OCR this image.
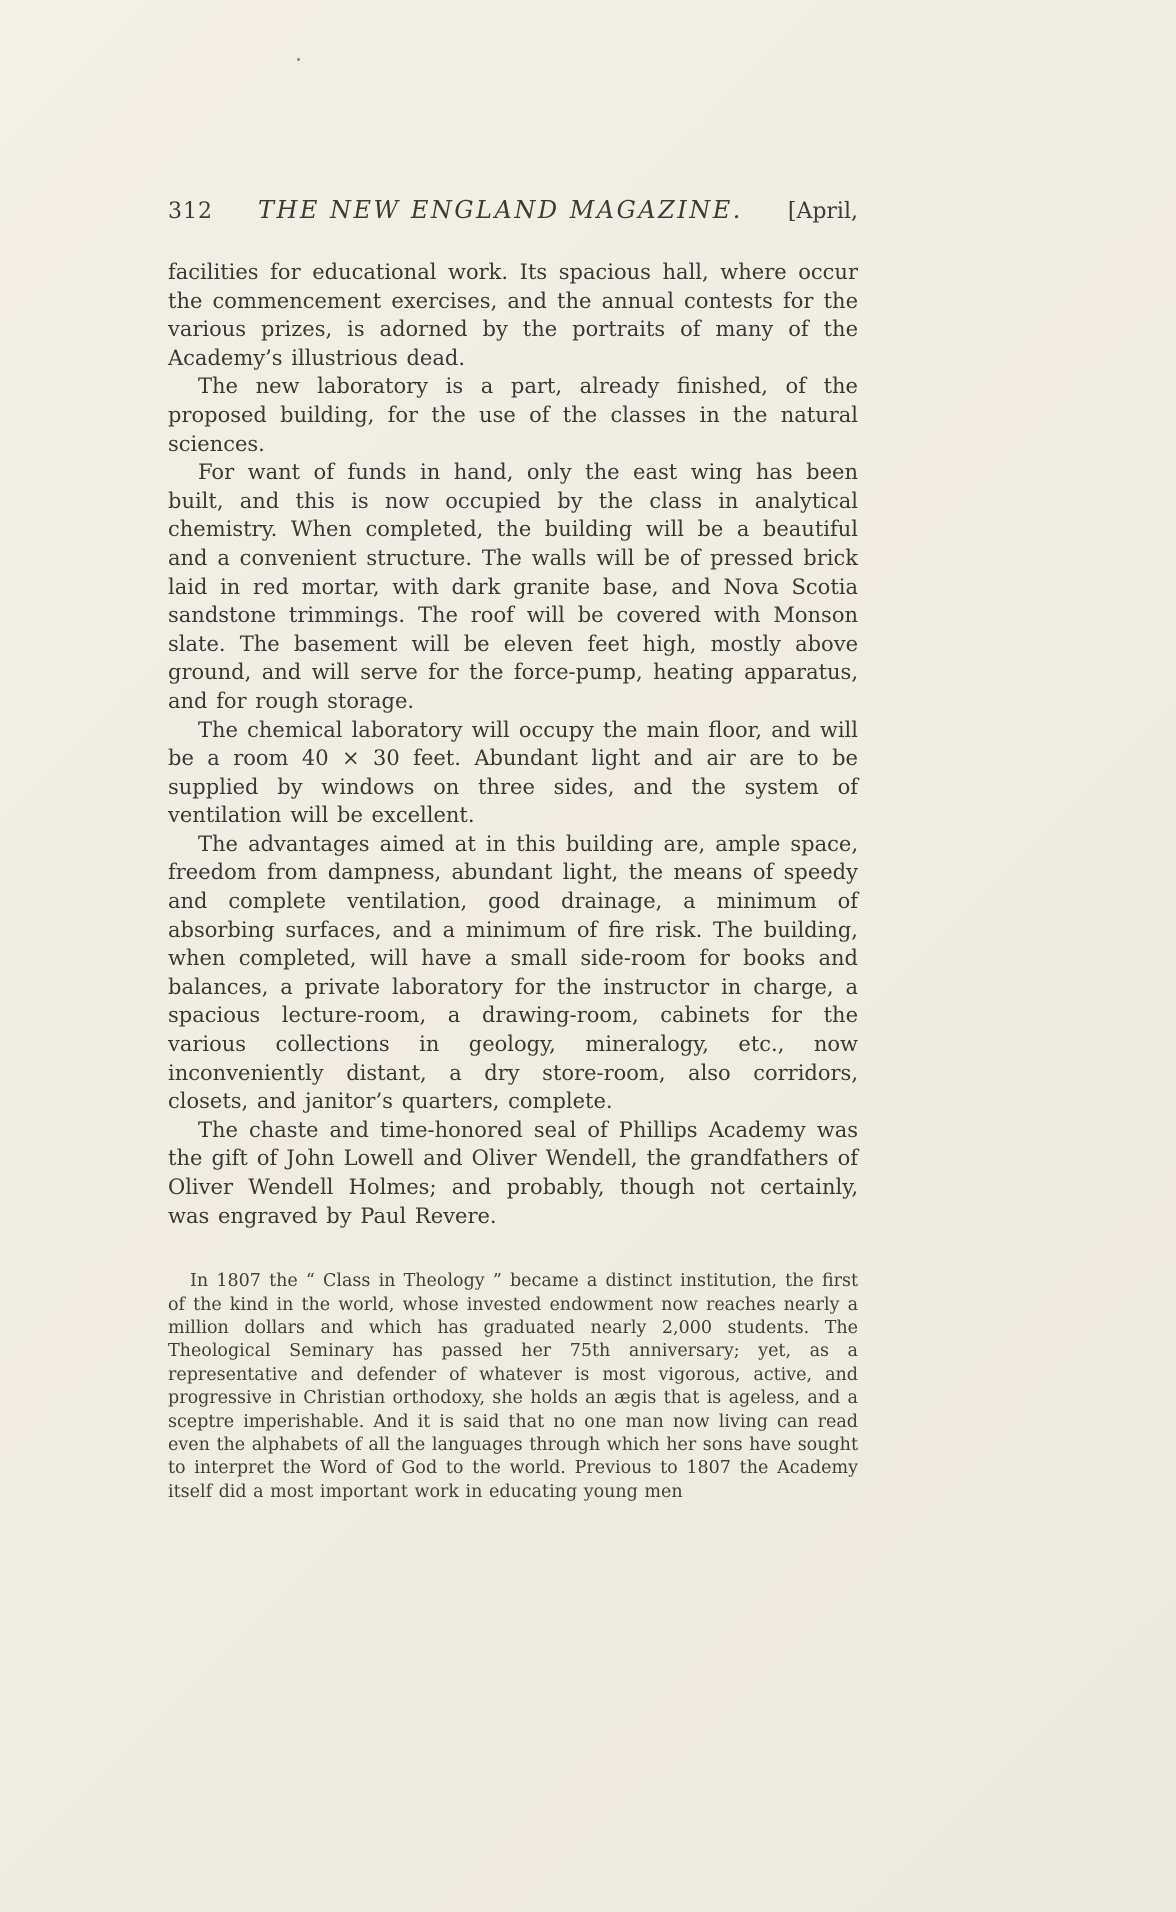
312 THE NEW ENGLAND MAGAZINE. [April,

facilities for educational work. Its spacious hall, where occur the commencement exercises, and the annual contests for the various prizes, is adorned by the portraits of many of the Academy’s illustrious dead.

The new laboratory is a part, already finished, of the proposed building, for the use of the classes in the natural sciences.

For want of funds in hand, only the east wing has been built, and this is now occupied by the class in analytical chemistry. When completed, the building will be a beautiful and a convenient structure. The walls will be of pressed brick laid in red mortar, with dark granite base, and Nova Scotia sandstone trimmings. The roof will be covered with Monson slate. The basement will be eleven feet high, mostly above ground, and will serve for the force-pump, heating apparatus, and for rough storage.

The chemical laboratory will occupy the main floor, and will be a room 40 × 30 feet. Abundant light and air are to be supplied by windows on three sides, and the system of ventilation will be excellent.

The advantages aimed at in this building are, ample space, freedom from dampness, abundant light, the means of speedy and complete ventilation, good drainage, a minimum of absorbing surfaces, and a minimum of fire risk. The building, when completed, will have a small side-room for books and balances, a private laboratory for the instructor in charge, a spacious lecture-room, a drawing-room, cabinets for the various collections in geology, mineralogy, etc., now inconveniently distant, a dry store-room, also corridors, closets, and janitor’s quarters, complete.

The chaste and time-honored seal of Phillips Academy was the gift of John Lowell and Oliver Wendell, the grandfathers of Oliver Wendell Holmes; and probably, though not certainly, was engraved by Paul Revere.

In 1807 the “ Class in Theology ” became a distinct institution, the first of the kind in the world, whose invested endowment now reaches nearly a million dollars and which has graduated nearly 2,000 students. The Theological Seminary has passed her 75th anniversary; yet, as a representative and defender of whatever is most vigorous, active, and progressive in Christian orthodoxy, she holds an ægis that is ageless, and a sceptre imperishable. And it is said that no one man now living can read even the alphabets of all the languages through which her sons have sought to interpret the Word of God to the world. Previous to 1807 the Academy itself did a most important work in educating young men
